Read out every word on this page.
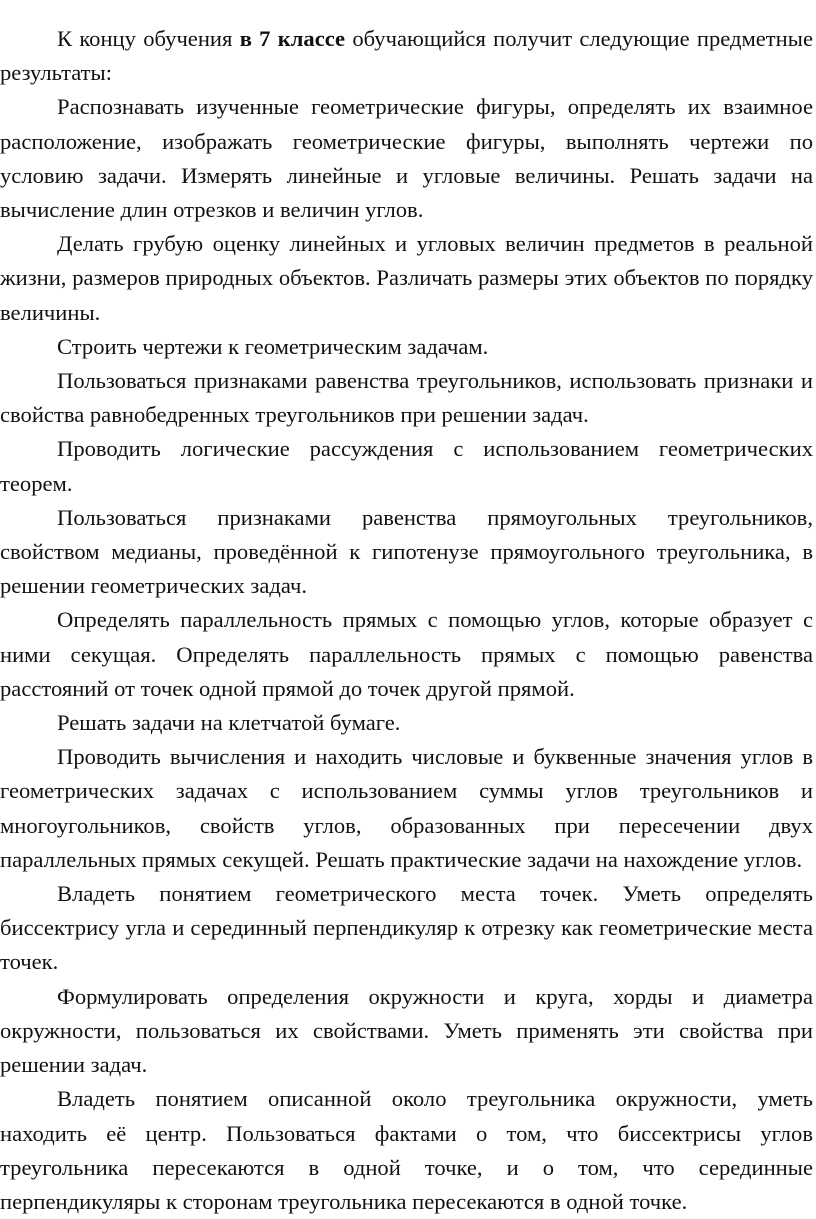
К концу обучения в 7 классе обучающийся получит следующие предметные результаты:

Распознавать изученные геометрические фигуры, определять их взаимное расположение, изображать геометрические фигуры, выполнять чертежи по условию задачи. Измерять линейные и угловые величины. Решать задачи на вычисление длин отрезков и величин углов.

Делать грубую оценку линейных и угловых величин предметов в реальной жизни, размеров природных объектов. Различать размеры этих объектов по порядку величины.

Строить чертежи к геометрическим задачам.

Пользоваться признаками равенства треугольников, использовать признаки и свойства равнобедренных треугольников при решении задач.

Проводить логические рассуждения с использованием геометрических теорем.

Пользоваться признаками равенства прямоугольных треугольников, свойством медианы, проведённой к гипотенузе прямоугольного треугольника, в решении геометрических задач.

Определять параллельность прямых с помощью углов, которые образует с ними секущая. Определять параллельность прямых с помощью равенства расстояний от точек одной прямой до точек другой прямой.

Решать задачи на клетчатой бумаге.

Проводить вычисления и находить числовые и буквенные значения углов в геометрических задачах с использованием суммы углов треугольников и многоугольников, свойств углов, образованных при пересечении двух параллельных прямых секущей. Решать практические задачи на нахождение углов.

Владеть понятием геометрического места точек. Уметь определять биссектрису угла и серединный перпендикуляр к отрезку как геометрические места точек.

Формулировать определения окружности и круга, хорды и диаметра окружности, пользоваться их свойствами. Уметь применять эти свойства при решении задач.

Владеть понятием описанной около треугольника окружности, уметь находить её центр. Пользоваться фактами о том, что биссектрисы углов треугольника пересекаются в одной точке, и о том, что серединные перпендикуляры к сторонам треугольника пересекаются в одной точке.
